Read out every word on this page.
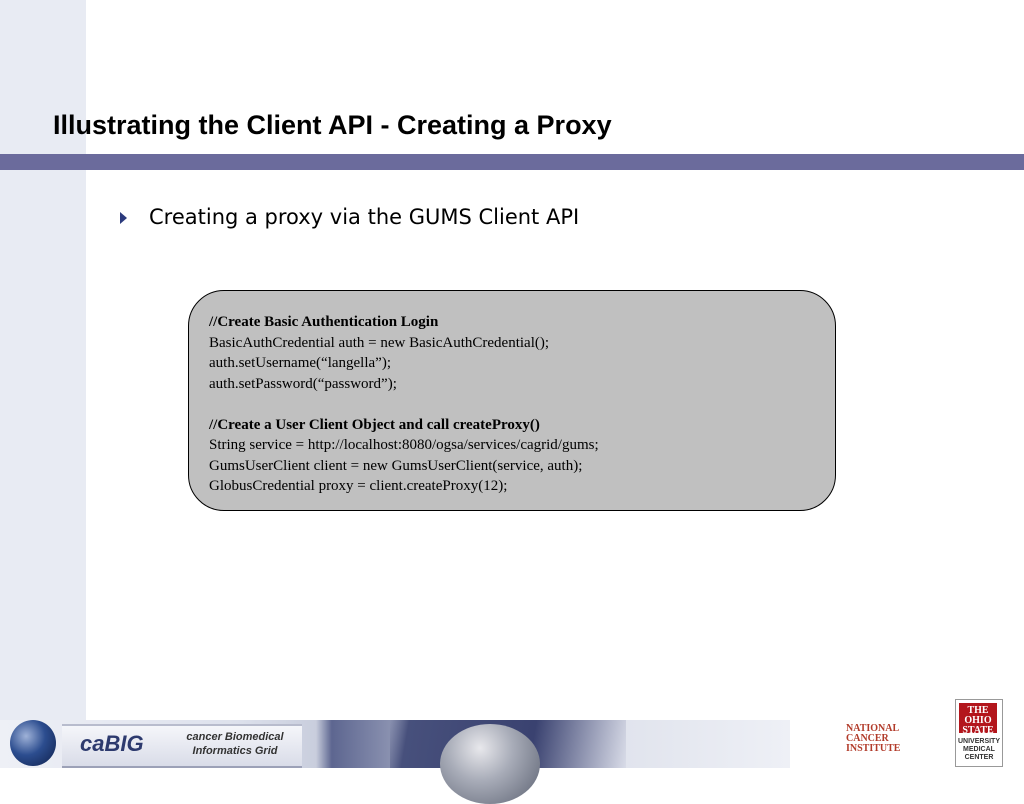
Illustrating the Client API - Creating a Proxy
Creating a proxy via the GUMS Client API
//Create Basic Authentication Login
BasicAuthCredential auth = new BasicAuthCredential();
auth.setUsername(“langella”);
auth.setPassword(“password”);
//Create a User Client Object and call createProxy()
String service = http://localhost:8080/ogsa/services/cagrid/gums;
GumsUserClient client = new GumsUserClient(service, auth);
GlobusCredential proxy = client.createProxy(12);
caBIG	cancer Biomedical
Informatics Grid
NATIONAL
CANCER
INSTITUTE
THE
OHIO
STATE
UNIVERSITY
MEDICAL
CENTER
